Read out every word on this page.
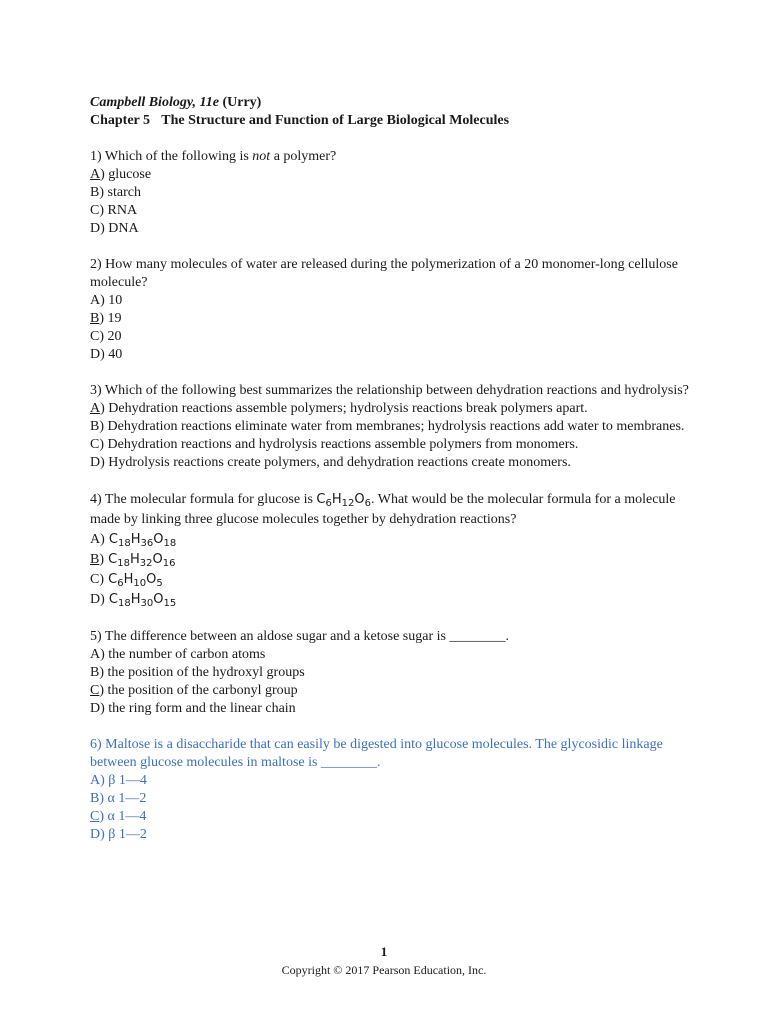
Campbell Biology, 11e (Urry)
Chapter 5 The Structure and Function of Large Biological Molecules
1) Which of the following is not a polymer?
A) glucose
B) starch
C) RNA
D) DNA
2) How many molecules of water are released during the polymerization of a 20 monomer-long cellulose molecule?
A) 10
B) 19
C) 20
D) 40
3) Which of the following best summarizes the relationship between dehydration reactions and hydrolysis?
A) Dehydration reactions assemble polymers; hydrolysis reactions break polymers apart.
B) Dehydration reactions eliminate water from membranes; hydrolysis reactions add water to membranes.
C) Dehydration reactions and hydrolysis reactions assemble polymers from monomers.
D) Hydrolysis reactions create polymers, and dehydration reactions create monomers.
4) The molecular formula for glucose is $C_6H_{12}O_6$. What would be the molecular formula for a molecule made by linking three glucose molecules together by dehydration reactions?
A) $C_{18}H_{36}O_{18}$
B) $C_{18}H_{32}O_{16}$
C) $C_6H_{10}O_5$
D) $C_{18}H_{30}O_{15}$
5) The difference between an aldose sugar and a ketose sugar is ________.
A) the number of carbon atoms
B) the position of the hydroxyl groups
C) the position of the carbonyl group
D) the ring form and the linear chain
6) Maltose is a disaccharide that can easily be digested into glucose molecules. The glycosidic linkage between glucose molecules in maltose is ________.
A) β 1—4
B) α 1—2
C) α 1—4
D) β 1—2
1
Copyright © 2017 Pearson Education, Inc.
